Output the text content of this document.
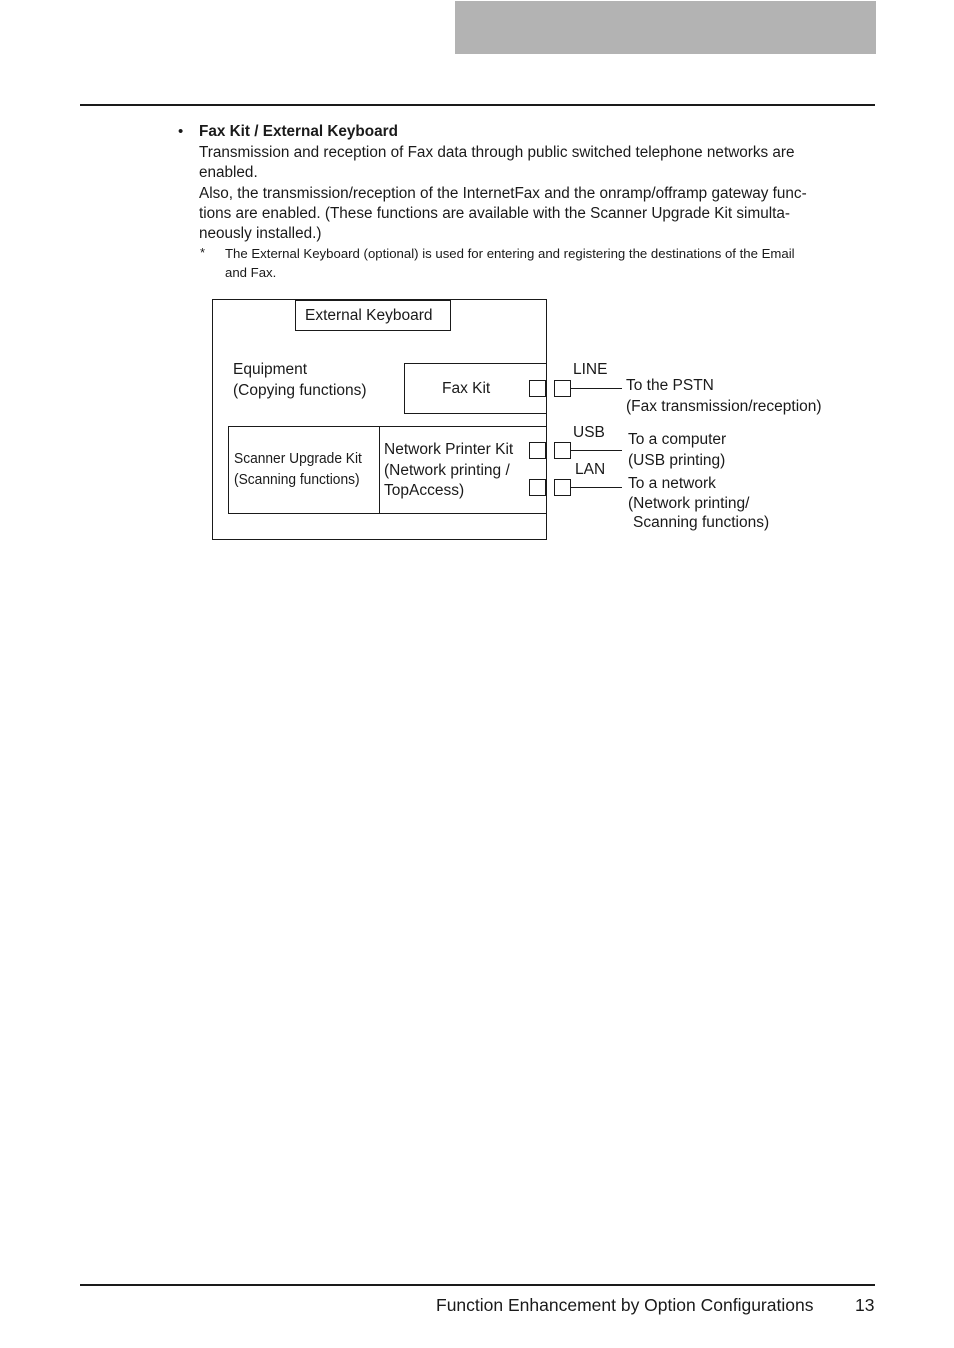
• Fax Kit / External Keyboard
Transmission and reception of Fax data through public switched telephone networks are
enabled.
Also, the transmission/reception of the InternetFax and the onramp/offramp gateway func-
tions are enabled. (These functions are available with the Scanner Upgrade Kit simulta-
neously installed.)
* The External Keyboard (optional) is used for entering and registering the destinations of the Email
and Fax.
External Keyboard
Equipment
(Copying functions)	Fax Kit
Scanner Upgrade Kit
(Scanning functions)
Network Printer Kit
(Network printing /
TopAccess)
LINE
USB
LAN
To the PSTN
(Fax transmission/reception)
To a computer
(USB printing)
To a network
(Network printing/
Scanning functions)
Function Enhancement by Option Configurations 13
